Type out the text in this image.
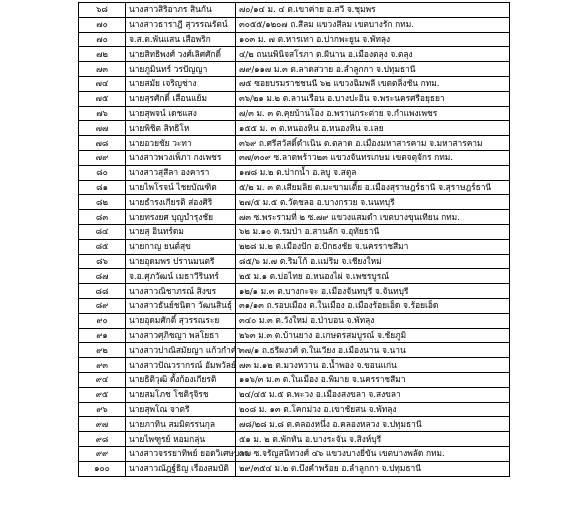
๖๘	นางสาวสิริอาภร สินกัน	๗๐/๑๔ ม. ๔ ต.เขาค่าย อ.สวี จ.ชุมพร
๗๐	นางสาวธาราฎี สุวรรณรัตน์	๓๐๕๕/๑๒๐๗ ถ.สีลม แขวงสีลม เขตบางรัก กทม.
๗๐	จ.ส.ต.พันแสน เสือพริก	๑๐๓ ม. ๗ ต.หารเทา อ.ปากพะยูน จ.พัทลุง
๗๒	นายสิทธิพงศ์ วงศ์เลิศศักดิ์	๔/๒ ถนนพินิจสโรภา ต.ผีนาน อ.เมืองตลุง จ.ตลุง
๗๓	นายภูมินทร์ วรปัญญา	๗๙/๑๑๗ ม.๓ ต.ลาดสวาย อ.ลำลูกกา จ.ปทุมธานี
๗๔	นายสมัย เจริญช่าง	๗๕ ซอยบรมราชชนนี ๖๒ แขวงฉิมพลี เขตตลิ่งชัน กทม.
๗๕	นายสุรศักดิ์ เสือนแย้ม	๓๖/๒๑ ม.๒ ต.ลานเรือน อ.บางปะอิน จ.พระนครศรีอยุธยา
๗๖	นายสุพจน์ เดชแสง	๗/๓ ม. ๓ ต.คุยบ้านโอง อ.พรานกระต่าย จ.กำแพงเพชร
๗๗	นายพิชิต สิทธิโห	๑๕๕ ม. ๓ ต.หนองหิน อ.หนองหิน จ.เลย
๗๘	นายอวยชัย วะทา	๓๖๙ ถ.ศรีสวัสดิ์ดำเนิน ต.ตลาด อ.เมืองมหาสารคาม จ.มหาสารคาม
๗๙	นางสาวพวงเพ็ภา กงเพชร	๓๗/๓๐๙ ซ.ลาดพร้าว๒๓ แขวงจันทรเกษม เขตจตุจักร กทม.
๘๐	นางสาวสุสีลา องคารา	๑๗๘ ม.๒ ต.ปากน้ำ อ.ลบู จ.สตูล
๘๑	นายไพโรจน์ ไชยบัณฑิต	๕/๒ ม. ๓ ต.เสียมลิย ต.มะขามเตี้ย อ.เมืองสุราษฎร์ธานี จ.สุราษฎร์ธานี
๘๒	นายธำรงเกียรติ ส่องศิริ	๒๗/๕ ม.๕ ต.วัดชลอ อ.บางกรวย จ.นนทบุรี
๘๓	นายทรงยศ บุญบำรุงชัย	๗๓ ซ.พระรามที่ ๒ ซ.๗๙ แขวงแสมดำ เขตบางขุนเทียน กทม.
๘๔	นายสุ อินทร์ดม	๖๒ ม.๑๐ ต.รมป่า อ.สานลัก จ.อุทัยธานี
๘๕	นายกาญ ยนต์สุข	๒๒๘ ม.๒ ต.เมืองปัก อ.ปักธงชัย จ.นครราชสีมา
๘๖	นายอุดมพร ปรานมนตรี	๘๕/๖ ม.๗ ต.ริมโก้ อ.แม่ริม จ.เชียงใหม่
๘๗	จ.อ.ศุภวัฒน์ เมธาวีรินทร์	๒๕ ม.๑ ต.บ่อไทย อ.หนองไผ่ จ.เพชรบูรณ์
๘๘	นางสาวณิชาภรณ์ สิงขร	๑๒/๑ ม.๓ ต.บางกะจะ อ.เมืองจันทบุรี จ.จันทบุรี
๘๙	นางสาวธันย์ชนิดา วัฒนสินธุ์	๓๑/๑๓ ถ.รอบเมือง ต.ในเมือง อ.เมืองร้อยเอ็ด จ.ร้อยเอ็ด
๙๐	นายอุดมศักดิ์ สุวรรณระย	๓๔๐ ม.๓ ต.วังใหม่ อ.ป่าบอน จ.พัทลุง
๙๑	นางสาวศุภิชญา พลโยธา	๒๖๓ ม.๓ ต.บ้านยาง อ.เกษตรสมบูรณ์ จ.ชัยภูมิ
๙๒	นางสาวปาณิสมัยญา แก้วกำคำ	๓๗/๑ ถ.ธรีผงวศ์ ต.ในเวียง อ.เมืองนาน จ.นาน
๙๓	นางสาวปัณวรากรณ์ อัมพวัลย์	๗๓ ม.๑๒ ต.มวงหวาน อ.น้ำพอง จ.ขอนแก่น
๙๔	นายธิติวุฒิ ตั้งก้องเกียรติ	๑๑๖/๓ ม.๓ ต.ในเมือง อ.พิมาย จ.นครราชสีมา
๙๕	นายสมโภช โชติรุจิรช	๒๔/๔๕ ม.๕ ต.พะวง อ.เมืองสงขลา จ.สงขลา
๙๖	นายสุพโณ จาตรี	๒๐๘ ม. ๑๓ ต.โคกม่วง อ.เขาชัยสน จ.พัทลุง
๙๗	นายภาทิน สมมิตรรนกุล	๗๘/๒๘ ม.๘ ต.คลองหนึ่ง อ.คลองหลวง จ.ปทุมธานี
๙๘	นายไพฑูรย์ หอมกลุ่น	๕๑ ม. ๒ ต.พักทัน อ.บางระจัน จ.สิงห์บุรี
๙๙	นางสาวจรรยาทิพย์ ยอดวิเศษบวร	๓๗ ซ.จรัญสนิทวงศ์ ๔๖ แขวงบางยี่ขัน เขตบางพลัด กทม.
๑๐๐	นางสาวณัฎฐ์ธิญ เรืองสมบัติ	๒๙/๓๕๔ ม.๒ ต.บึงคำพร้อย อ.ลำลูกกา จ.ปทุมธานี
